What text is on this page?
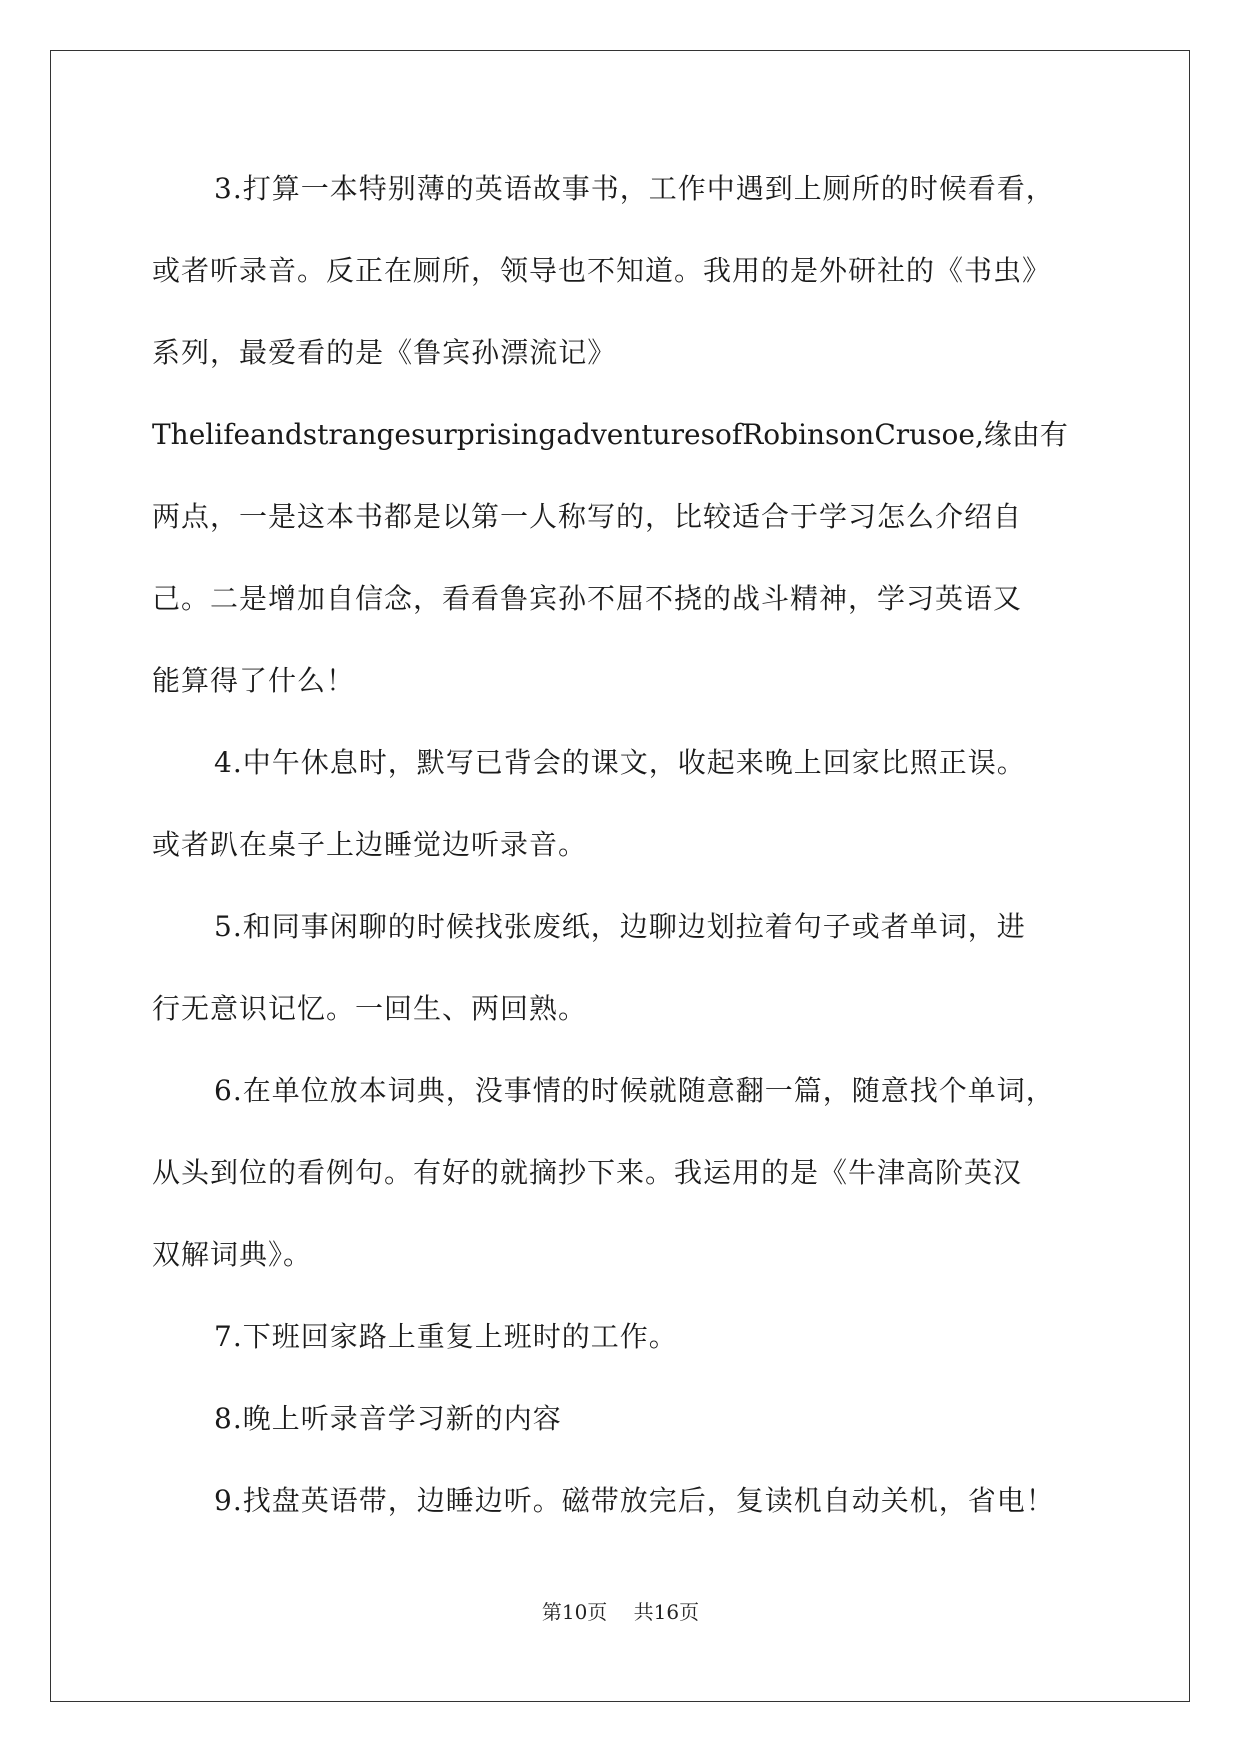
3.打算一本特别薄的英语故事书，工作中遇到上厕所的时候看看，
或者听录音。反正在厕所，领导也不知道。我用的是外研社的《书虫》
系列，最爱看的是《鲁宾孙漂流记》
ThelifeandstrangesurprisingadventuresofRobinsonCrusoe,缘由有
两点，一是这本书都是以第一人称写的，比较适合于学习怎么介绍自
己。二是增加自信念，看看鲁宾孙不屈不挠的战斗精神，学习英语又
能算得了什么！

4.中午休息时，默写已背会的课文，收起来晚上回家比照正误。
或者趴在桌子上边睡觉边听录音。

5.和同事闲聊的时候找张废纸，边聊边划拉着句子或者单词，进
行无意识记忆。一回生、两回熟。

6.在单位放本词典，没事情的时候就随意翻一篇，随意找个单词，
从头到位的看例句。有好的就摘抄下来。我运用的是《牛津高阶英汉
双解词典》。

7.下班回家路上重复上班时的工作。

8.晚上听录音学习新的内容

9.找盘英语带，边睡边听。磁带放完后，复读机自动关机，省电！

第10页 共16页
